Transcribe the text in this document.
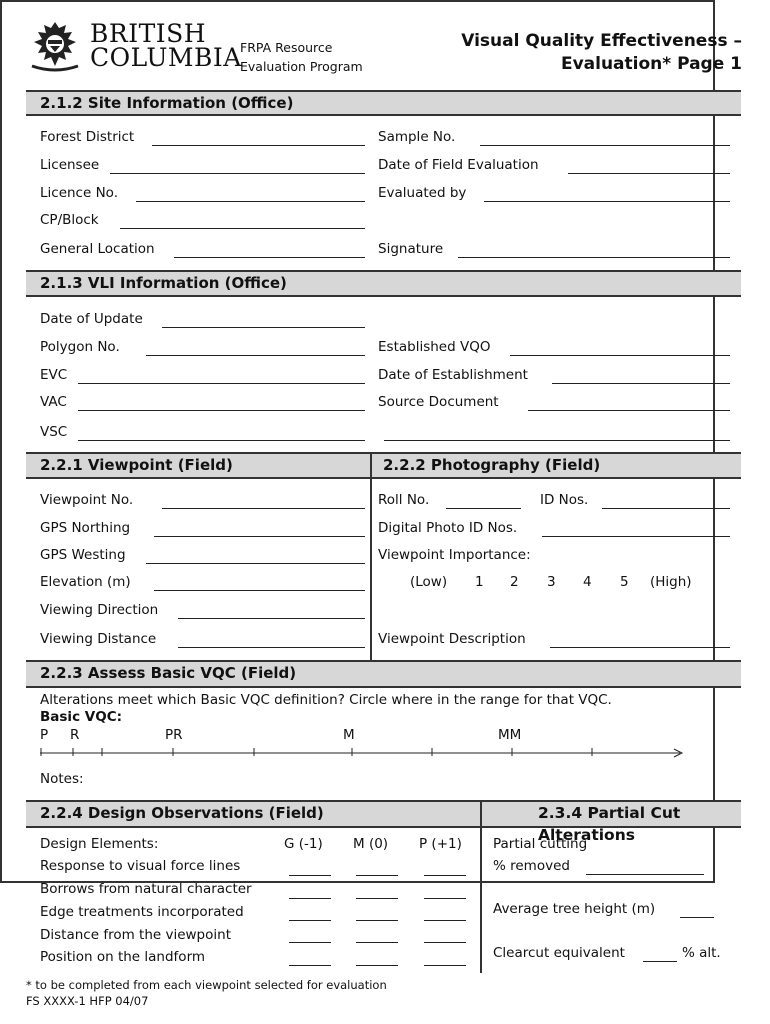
BRITISH
COLUMBIA
FRPA Resource
Evaluation Program
Visual Quality Effectiveness –
Evaluation* Page 1
2.1.2 Site Information (Office)
Forest District	Sample No.
Licensee	Date of Field Evaluation
Licence No.	Evaluated by
CP/Block
General Location	Signature
2.1.3 VLI Information (Office)
Date of Update
Polygon No.	Established VQO
EVC	Date of Establishment
VAC	Source Document
VSC
2.2.1 Viewpoint (Field)	2.2.2 Photography (Field)
Viewpoint No.	Roll No.	ID Nos.
GPS Northing	Digital Photo ID Nos.
GPS Westing	Viewpoint Importance:
Elevation (m)	(Low) 1 2 3 4 5 (High)
Viewing Direction
Viewing Distance	Viewpoint Description
2.2.3 Assess Basic VQC (Field)
Alterations meet which Basic VQC definition? Circle where in the range for that VQC.
Basic VQC:
P R	PR	M	MM
Notes:
2.2.4 Design Observations (Field)	2.3.4 Partial Cut Alterations
Design Elements:	G (-1) M (0) P (+1)
Response to visual force lines
Borrows from natural character
Edge treatments incorporated
Distance from the viewpoint
Position on the landform
Partial cutting
% removed
Average tree height (m)
Clearcut equivalent	% alt.
* to be completed from each viewpoint selected for evaluation
FS XXXX-1 HFP 04/07
